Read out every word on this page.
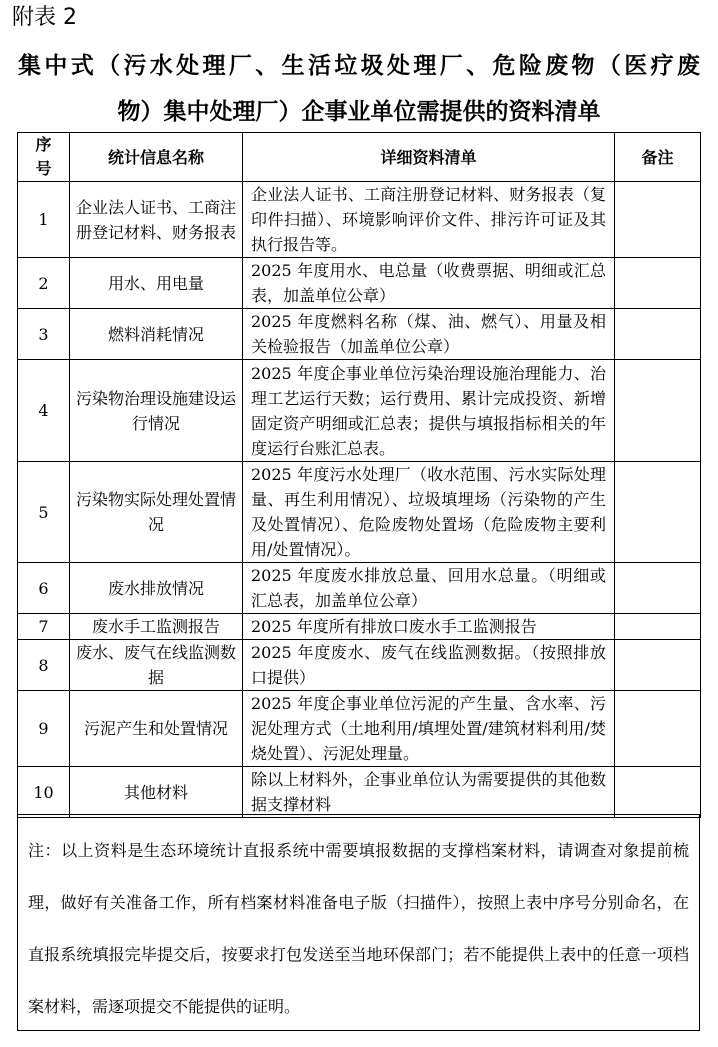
附表 2
集中式（污水处理厂、生活垃圾处理厂、危险废物（医疗废
物）集中处理厂）企事业单位需提供的资料清单
序号	统计信息名称	详细资料清单	备注
1	企业法人证书、工商注册登记材料、财务报表	企业法人证书、工商注册登记材料、财务报表（复印件扫描）、环境影响评价文件、排污许可证及其执行报告等。	
2	用水、用电量	2025 年度用水、电总量（收费票据、明细或汇总表，加盖单位公章）	
3	燃料消耗情况	2025 年度燃料名称（煤、油、燃气）、用量及相关检验报告（加盖单位公章）	
4	污染物治理设施建设运行情况	2025 年度企事业单位污染治理设施治理能力、治理工艺运行天数；运行费用、累计完成投资、新增固定资产明细或汇总表；提供与填报指标相关的年度运行台账汇总表。	
5	污染物实际处理处置情况	2025 年度污水处理厂（收水范围、污水实际处理量、再生利用情况）、垃圾填埋场（污染物的产生及处置情况）、危险废物处置场（危险废物主要利用/处置情况）。	
6	废水排放情况	2025 年度废水排放总量、回用水总量。（明细或汇总表，加盖单位公章）	
7	废水手工监测报告	2025 年度所有排放口废水手工监测报告	
8	废水、废气在线监测数据	2025 年度废水、废气在线监测数据。（按照排放口提供）	
9	污泥产生和处置情况	2025 年度企事业单位污泥的产生量、含水率、污泥处理方式（土地利用/填埋处置/建筑材料利用/焚烧处置）、污泥处理量。	
10	其他材料	除以上材料外，企事业单位认为需要提供的其他数据支撑材料	
注：以上资料是生态环境统计直报系统中需要填报数据的支撑档案材料，请调查对象提前梳理，做好有关准备工作，所有档案材料准备电子版（扫描件），按照上表中序号分别命名，在直报系统填报完毕提交后，按要求打包发送至当地环保部门；若不能提供上表中的任意一项档案材料，需逐项提交不能提供的证明。
